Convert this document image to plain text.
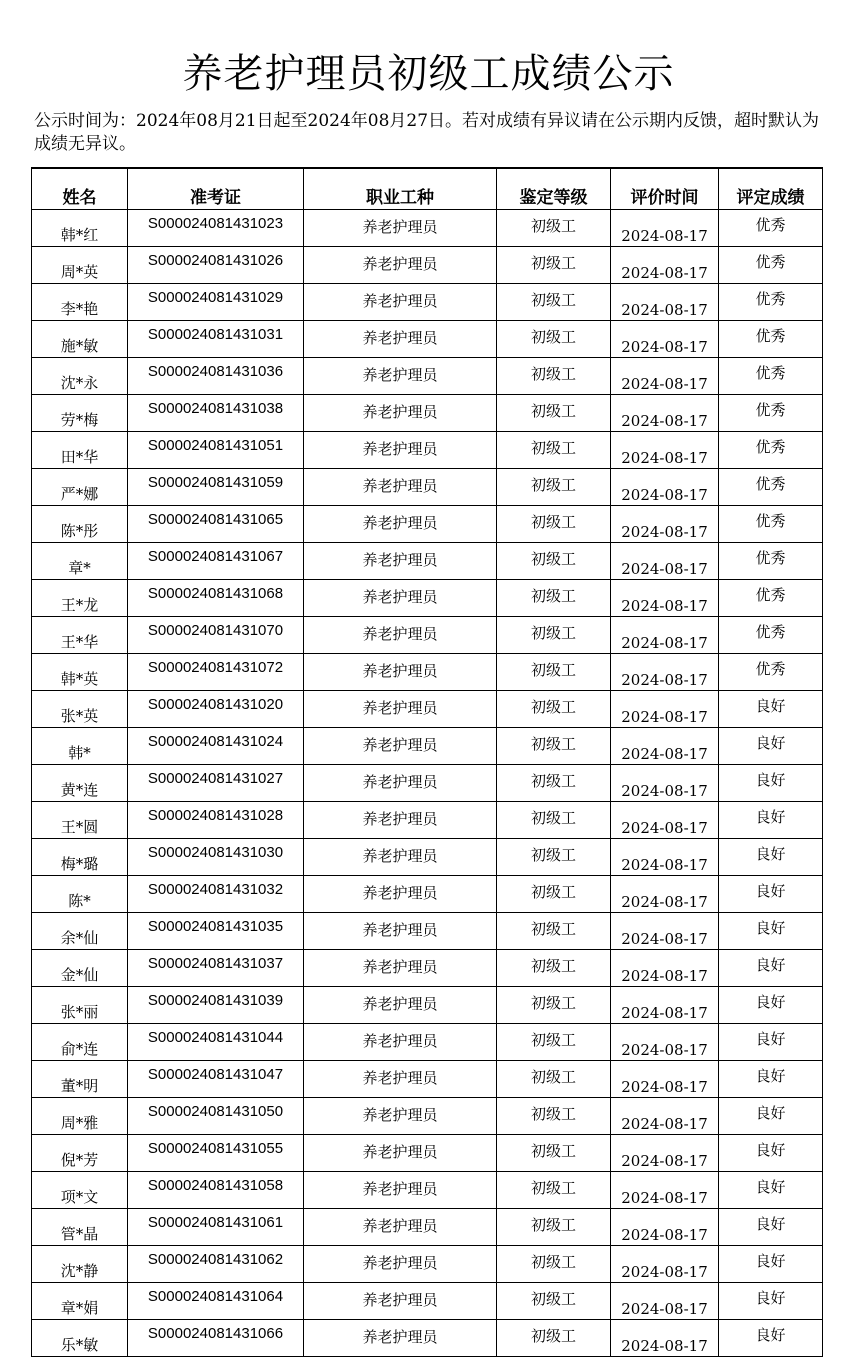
养老护理员初级工成绩公示
公示时间为：2024年08月21日起至2024年08月27日。若对成绩有异议请在公示期内反馈，超时默认为成绩无异议。
姓名	准考证	职业工种	鉴定等级	评价时间	评定成绩
韩*红	S000024081431023	养老护理员	初级工	2024-08-17	优秀
周*英	S000024081431026	养老护理员	初级工	2024-08-17	优秀
李*艳	S000024081431029	养老护理员	初级工	2024-08-17	优秀
施*敏	S000024081431031	养老护理员	初级工	2024-08-17	优秀
沈*永	S000024081431036	养老护理员	初级工	2024-08-17	优秀
劳*梅	S000024081431038	养老护理员	初级工	2024-08-17	优秀
田*华	S000024081431051	养老护理员	初级工	2024-08-17	优秀
严*娜	S000024081431059	养老护理员	初级工	2024-08-17	优秀
陈*彤	S000024081431065	养老护理员	初级工	2024-08-17	优秀
章*	S000024081431067	养老护理员	初级工	2024-08-17	优秀
王*龙	S000024081431068	养老护理员	初级工	2024-08-17	优秀
王*华	S000024081431070	养老护理员	初级工	2024-08-17	优秀
韩*英	S000024081431072	养老护理员	初级工	2024-08-17	优秀
张*英	S000024081431020	养老护理员	初级工	2024-08-17	良好
韩*	S000024081431024	养老护理员	初级工	2024-08-17	良好
黄*连	S000024081431027	养老护理员	初级工	2024-08-17	良好
王*圆	S000024081431028	养老护理员	初级工	2024-08-17	良好
梅*璐	S000024081431030	养老护理员	初级工	2024-08-17	良好
陈*	S000024081431032	养老护理员	初级工	2024-08-17	良好
余*仙	S000024081431035	养老护理员	初级工	2024-08-17	良好
金*仙	S000024081431037	养老护理员	初级工	2024-08-17	良好
张*丽	S000024081431039	养老护理员	初级工	2024-08-17	良好
俞*连	S000024081431044	养老护理员	初级工	2024-08-17	良好
董*明	S000024081431047	养老护理员	初级工	2024-08-17	良好
周*雅	S000024081431050	养老护理员	初级工	2024-08-17	良好
倪*芳	S000024081431055	养老护理员	初级工	2024-08-17	良好
项*文	S000024081431058	养老护理员	初级工	2024-08-17	良好
管*晶	S000024081431061	养老护理员	初级工	2024-08-17	良好
沈*静	S000024081431062	养老护理员	初级工	2024-08-17	良好
章*娟	S000024081431064	养老护理员	初级工	2024-08-17	良好
乐*敏	S000024081431066	养老护理员	初级工	2024-08-17	良好
